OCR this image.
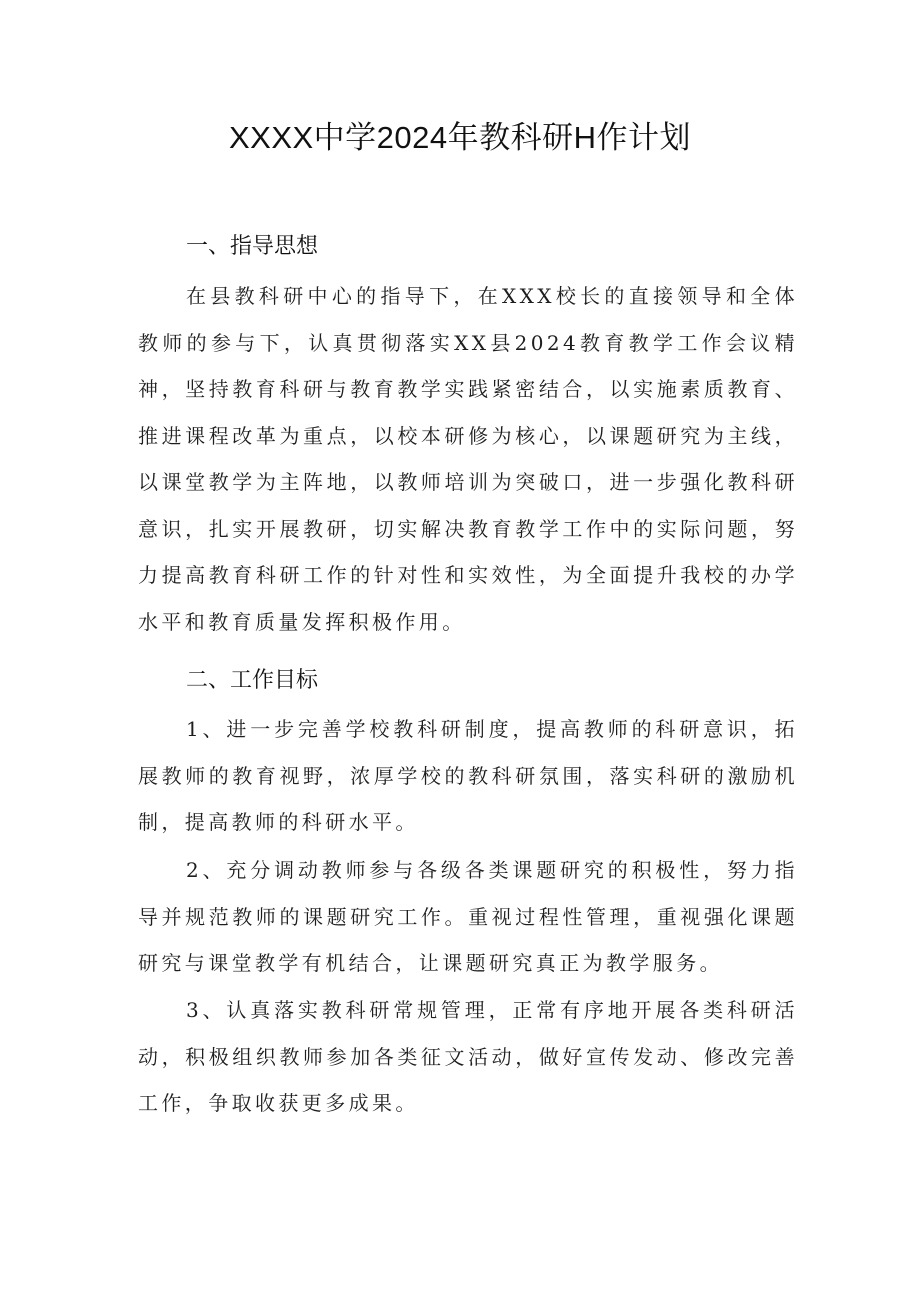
XXXX中学2024年教科研H作计划
一、指导思想

在县教科研中心的指导下，在XXX校长的直接领导和全体教师的参与下，认真贯彻落实XX县2024教育教学工作会议精神，坚持教育科研与教育教学实践紧密结合，以实施素质教育、推进课程改革为重点，以校本研修为核心，以课题研究为主线，以课堂教学为主阵地，以教师培训为突破口，进一步强化教科研意识，扎实开展教研，切实解决教育教学工作中的实际问题，努力提高教育科研工作的针对性和实效性，为全面提升我校的办学水平和教育质量发挥积极作用。

二、工作目标

1、进一步完善学校教科研制度，提高教师的科研意识，拓展教师的教育视野，浓厚学校的教科研氛围，落实科研的激励机制，提高教师的科研水平。

2、充分调动教师参与各级各类课题研究的积极性，努力指导并规范教师的课题研究工作。重视过程性管理，重视强化课题研究与课堂教学有机结合，让课题研究真正为教学服务。

3、认真落实教科研常规管理，正常有序地开展各类科研活动，积极组织教师参加各类征文活动，做好宣传发动、修改完善工作，争取收获更多成果。
